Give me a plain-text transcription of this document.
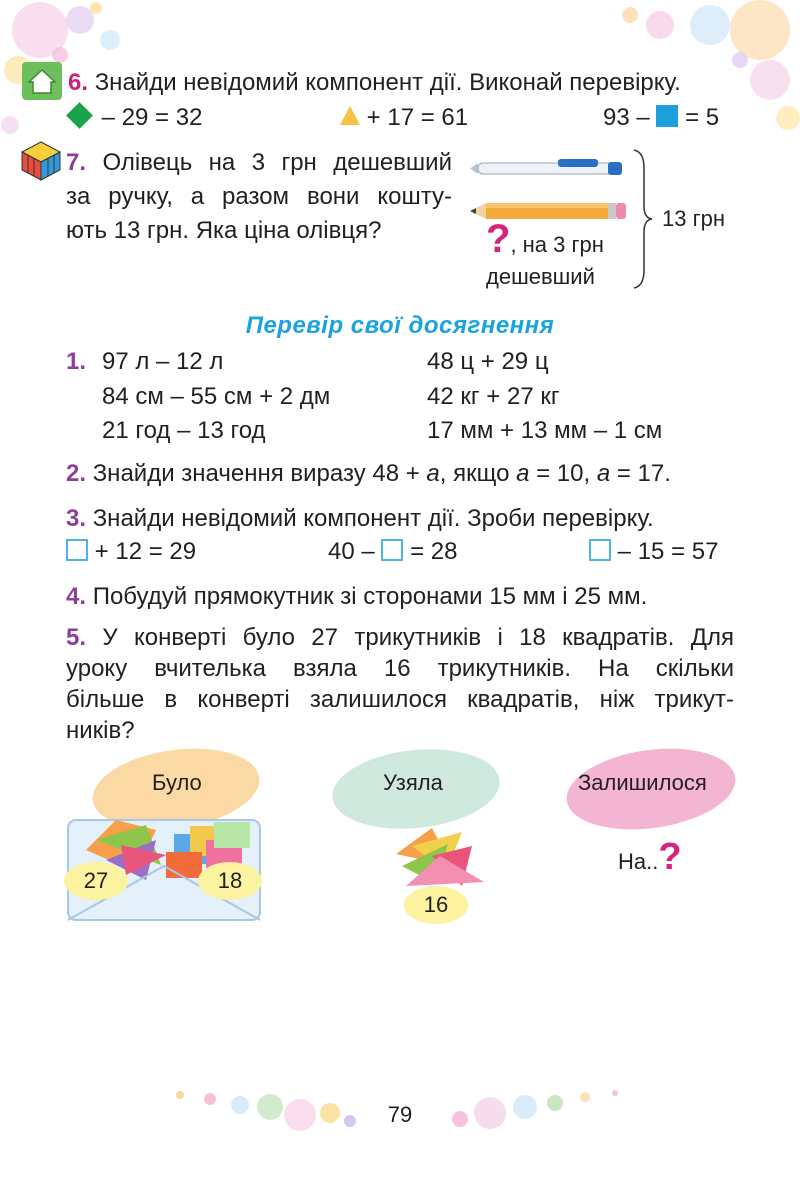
6. Знайди невідомий компонент дії. Виконай перевірку.
– 29 = 32	+ 17 = 61	93 – = 5
7. Олівець на 3 грн дешевший
за ручку, а разом вони кошту-
ють 13 грн. Яка ціна олівця?	13 грн
?, на 3 грн
дешевший
Перевір свої досягнення
1. 97 л – 12 л	48 ц + 29 ц
84 см – 55 см + 2 дм	42 кг + 27 кг
21 год – 13 год	17 мм + 13 мм – 1 см
2. Знайди значення виразу 48 + а, якщо а = 10, а = 17.
3. Знайди невідомий компонент дії. Зроби перевірку.
+ 12 = 29	40 – = 28	– 15 = 57
4. Побудуй прямокутник зі сторонами 15 мм і 25 мм.
5. У конверті було 27 трикутників і 18 квадратів. Для
уроку вчителька взяла 16 трикутників. На скільки
більше в конверті залишилося квадратів, ніж трикут-
ників?
Було
27	18
Узяла
16
Залишилося
На..?
79
